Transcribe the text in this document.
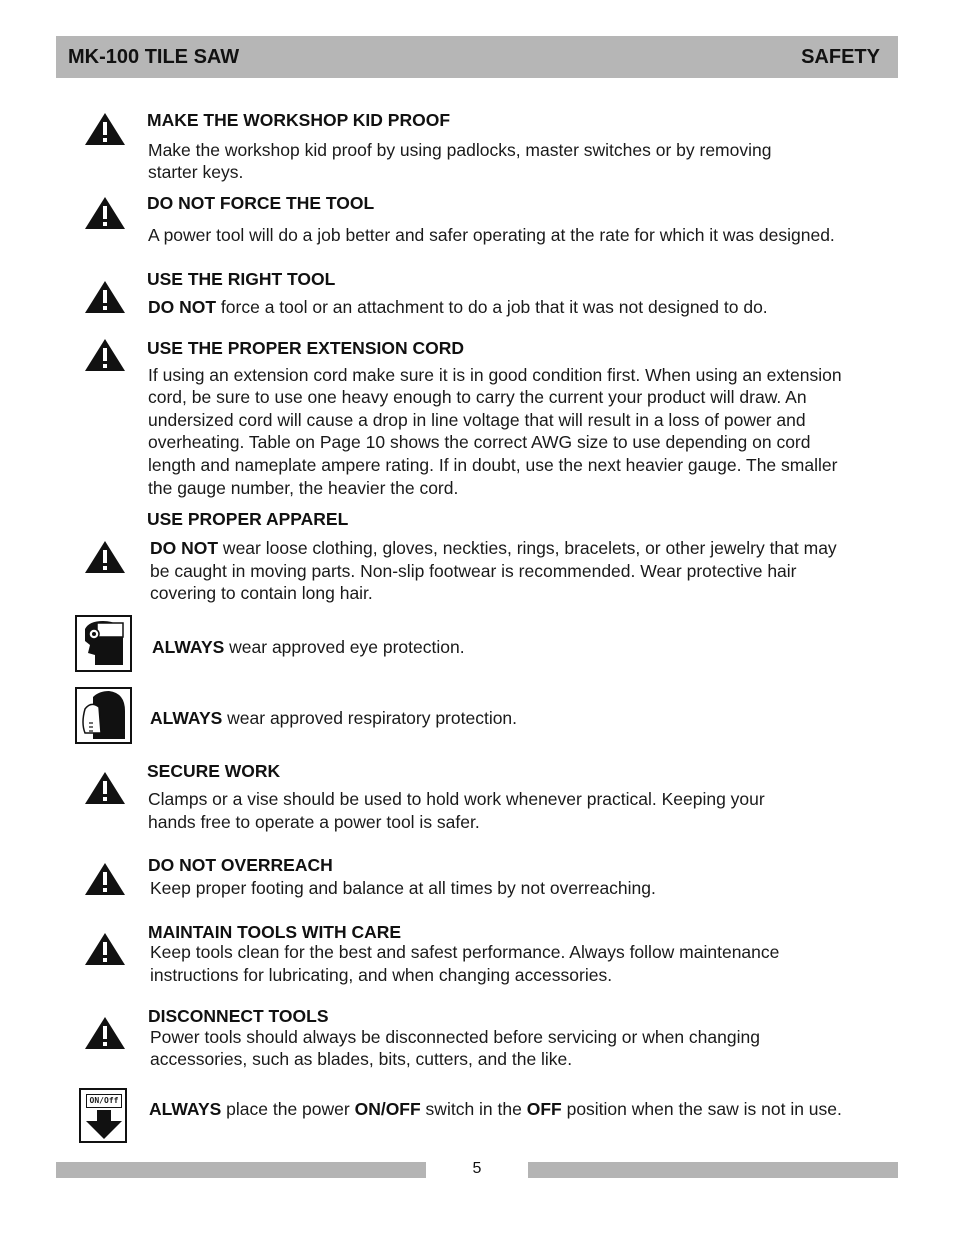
MK-100 TILE SAW	SAFETY
MAKE THE WORKSHOP KID PROOF
Make the workshop kid proof by using padlocks, master switches or by removing
starter keys.
DO NOT FORCE THE TOOL
A power tool will do a job better and safer operating at the rate for which it was designed.
USE THE RIGHT TOOL
DO NOT force a tool or an attachment to do a job that it was not designed to do.
USE THE PROPER EXTENSION CORD
If using an extension cord make sure it is in good condition first. When using an extension
cord, be sure to use one heavy enough to carry the current your product will draw. An
undersized cord will cause a drop in line voltage that will result in a loss of power and
overheating. Table on Page 10 shows the correct AWG size to use depending on cord
length and nameplate ampere rating. If in doubt, use the next heavier gauge. The smaller
the gauge number, the heavier the cord.
USE PROPER APPAREL
DO NOT wear loose clothing, gloves, neckties, rings, bracelets, or other jewelry that may
be caught in moving parts. Non-slip footwear is recommended. Wear protective hair
covering to contain long hair.
ALWAYS wear approved eye protection.
ALWAYS wear approved respiratory protection.
SECURE WORK
Clamps or a vise should be used to hold work whenever practical. Keeping your
hands free to operate a power tool is safer.
DO NOT OVERREACH
Keep proper footing and balance at all times by not overreaching.
MAINTAIN TOOLS WITH CARE
Keep tools clean for the best and safest performance. Always follow maintenance
instructions for lubricating, and when changing accessories.
DISCONNECT TOOLS
Power tools should always be disconnected before servicing or when changing
accessories, such as blades, bits, cutters, and the like.
ON/Off ALWAYS place the power ON/OFF switch in the OFF position when the saw is not in use.
5
